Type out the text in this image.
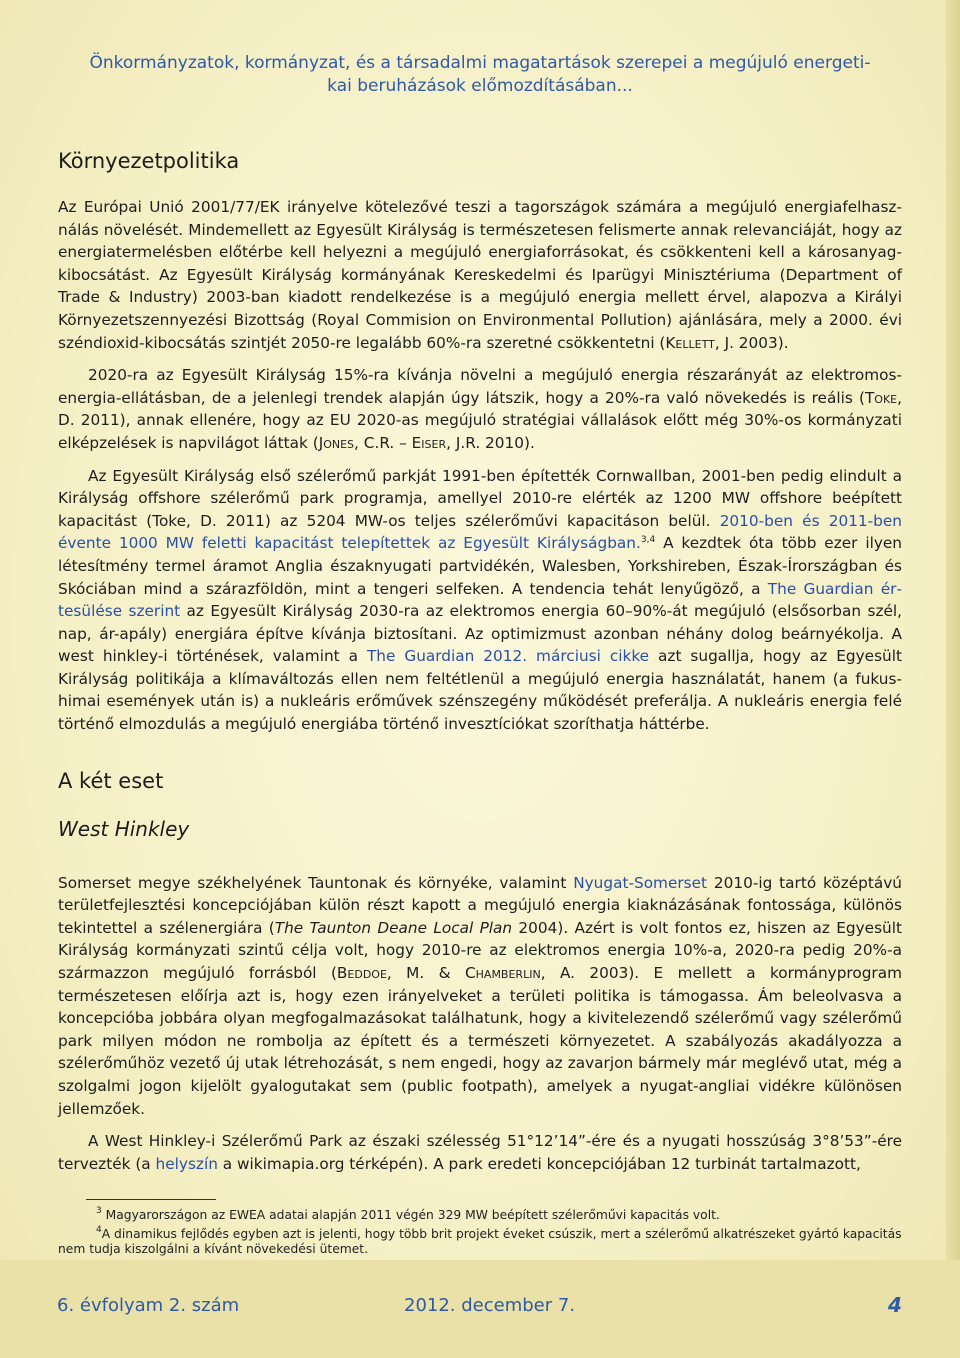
Önkormányzatok, kormányzat, és a társadalmi magatartások szerepei a megújuló energeti-
kai beruházások előmozdításában...
Környezetpolitika

Az Európai Unió 2001/77/EK irányelve kötelezővé teszi a tagországok számára a megújuló energiafelhasználás növelését. Mindemellett az Egyesült Királyság is természetesen felismerte annak relevanciáját, hogy az energiatermelésben előtérbe kell helyezni a megújuló energiaforrásokat, és csökkenteni kell a károsanyag-kibocsátást. Az Egyesült Királyság kormányának Kereskedelmi és Iparügyi Minisztériuma (Department of Trade & Industry) 2003-ban kiadott rendelkezése is a megújuló energia mellett érvel, alapozva a Királyi Környezetszennyezési Bizottság (Royal Commision on Environmental Pollution) ajánlására, mely a 2000. évi széndioxid-kibocsátás szintjét 2050-re legalább 60%-ra szeretné csökkentetni (Kellett, J. 2003).

2020-ra az Egyesült Királyság 15%-ra kívánja növelni a megújuló energia részarányát az elektromosenergia-ellátásban, de a jelenlegi trendek alapján úgy látszik, hogy a 20%-ra való növekedés is reális (Toke, D. 2011), annak ellenére, hogy az EU 2020-as megújuló stratégiai vállalások előtt még 30%-os kormányzati elképzelések is napvilágot láttak (Jones, C.R. – Eiser, J.R. 2010).

Az Egyesült Királyság első szélerőmű parkját 1991-ben építették Cornwallban, 2001-ben pedig elindult a Királyság offshore szélerőmű park programja, amellyel 2010-re elérték az 1200 MW offshore beépített kapacitást (Toke, D. 2011) az 5204 MW-os teljes szélerőművi kapacitáson belül. 2010-ben és 2011-ben évente 1000 MW feletti kapacitást telepítettek az Egyesült Királyságban.$^{3,4}$ A kezdtek óta több ezer ilyen létesítmény termel áramot Anglia északnyugati partvidékén, Walesben, Yorkshireben, Észak-Írországban és Skóciában mind a szárazföldön, mint a tengeri selfeken. A tendencia tehát lenyűgöző, a The Guardian értesülése szerint az Egyesült Királyság 2030-ra az elektromos energia 60–90%-át megújuló (elsősorban szél, nap, ár-apály) energiára építve kívánja biztosítani. Az optimizmust azonban néhány dolog beárnyékolja. A west hinkley-i történések, valamint a The Guardian 2012. márciusi cikke azt sugallja, hogy az Egyesült Királyság politikája a klímaváltozás ellen nem feltétlenül a megújuló energia használatát, hanem (a fukushimai események után is) a nukleáris erőművek szénszegény működését preferálja. A nukleáris energia felé történő elmozdulás a megújuló energiába történő invesztíciókat szoríthatja háttérbe.

A két eset
West Hinkley

Somerset megye székhelyének Tauntonak és környéke, valamint Nyugat-Somerset 2010-ig tartó középtávú területfejlesztési koncepciójában külön részt kapott a megújuló energia kiaknázásának fontossága, különös tekintettel a szélenergiára (The Taunton Deane Local Plan 2004). Azért is volt fontos ez, hiszen az Egyesült Királyság kormányzati szintű célja volt, hogy 2010-re az elektromos energia 10%-a, 2020-ra pedig 20%-a származzon megújuló forrásból (Beddoe, M. & Chamberlin, A. 2003). E mellett a kormányprogram természetesen előírja azt is, hogy ezen irányelveket a területi politika is támogassa. Ám beleolvasva a koncepcióba jobbára olyan megfogalmazásokat találhatunk, hogy a kivitelezendő szélerőmű vagy szélerőmű park milyen módon ne rombolja az épített és a természeti környezetet. A szabályozás akadályozza a szélerőműhöz vezető új utak létrehozását, s nem engedi, hogy az zavarjon bármely már meglévő utat, még a szolgalmi jogon kijelölt gyalogutakat sem (public footpath), amelyek a nyugat-angliai vidékre különösen jellemzőek.

A West Hinkley-i Szélerőmű Park az északi szélesség 51°12’14”-ére és a nyugati hosszúság 3°8’53”-ére tervezték (a helyszín a wikimapia.org térképén). A park eredeti koncepciójában 12 turbinát tartalmazott,

$^3$ Magyarországon az EWEA adatai alapján 2011 végén 329 MW beépített szélerőművi kapacitás volt.
$^4$A dinamikus fejlődés egyben azt is jelenti, hogy több brit projekt éveket csúszik, mert a szélerőmű alkatrészeket gyártó kapacitás nem tudja kiszolgálni a kívánt növekedési ütemet.
6. évfolyam 2. szám	2012. december 7.	4
